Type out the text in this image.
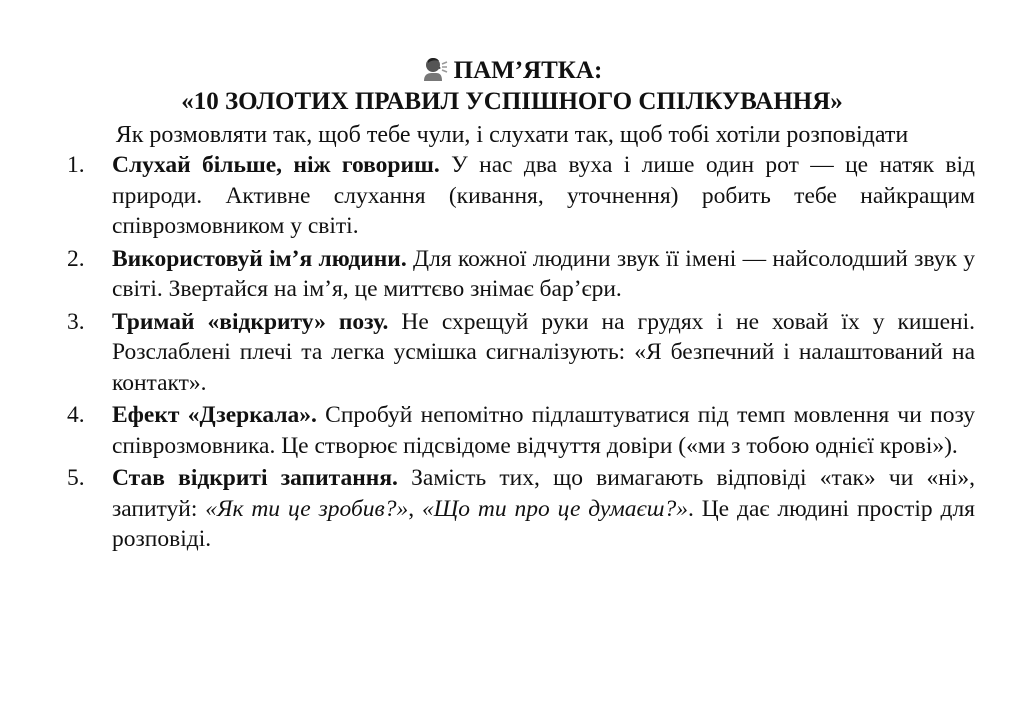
ПАМ’ЯТКА:
«10 ЗОЛОТИХ ПРАВИЛ УСПІШНОГО СПІЛКУВАННЯ»
Як розмовляти так, щоб тебе чули, і слухати так, щоб тобі хотіли розповідати
1. Слухай більше, ніж говориш. У нас два вуха і лише один рот — це натяк від природи. Активне слухання (кивання, уточнення) робить тебе найкращим співрозмовником у світі.
2. Використовуй ім’я людини. Для кожної людини звук її імені — найсолодший звук у світі. Звертайся на ім’я, це миттєво знімає бар’єри.
3. Тримай «відкриту» позу. Не схрещуй руки на грудях і не ховай їх у кишені. Розслаблені плечі та легка усмішка сигналізують: «Я безпечний і налаштований на контакт».
4. Ефект «Дзеркала». Спробуй непомітно підлаштуватися під темп мовлення чи позу співрозмовника. Це створює підсвідоме відчуття довіри («ми з тобою однієї крові»).
5. Став відкриті запитання. Замість тих, що вимагають відповіді «так» чи «ні», запитуй: «Як ти це зробив?», «Що ти про це думаєш?». Це дає людині простір для розповіді.
